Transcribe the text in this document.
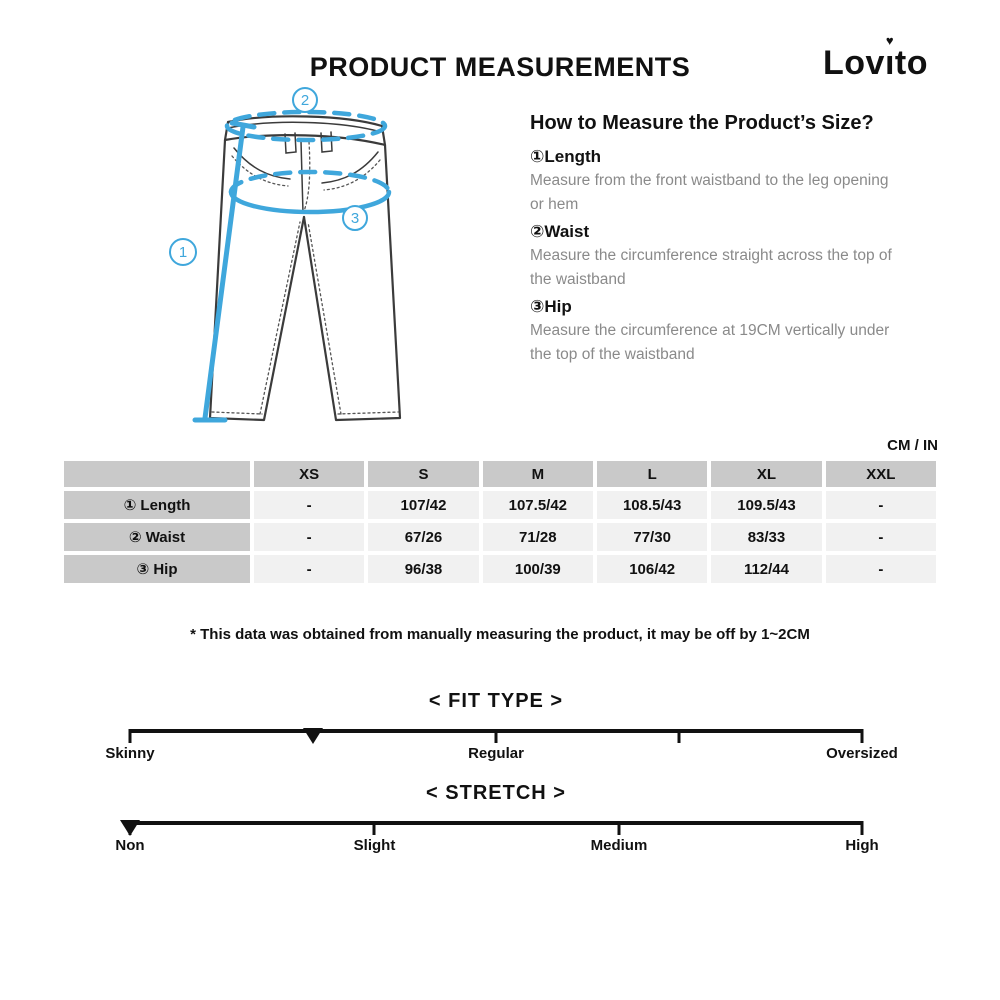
PRODUCT MEASUREMENTS	Lovı
♥
to
1
2
3
How to Measure the Product’s Size?
①Length
Measure from the front waistband to the leg opening or hem
②Waist
Measure the circumference straight across the top of the waistband
③Hip
Measure the circumference at 19CM vertically under the top of the waistband
CM / IN
	XS	S	M	L	XL	XXL
① Length	-	107/42	107.5/42	108.5/43	109.5/43	-
② Waist	-	67/26	71/28	77/30	83/33	-
③ Hip	-	96/38	100/39	106/42	112/44	-
* This data was obtained from manually measuring the product, it may be off by 1~2CM
< FIT TYPE >
Skinny	Regular	Oversized
< STRETCH >
Non	Slight	Medium	High
